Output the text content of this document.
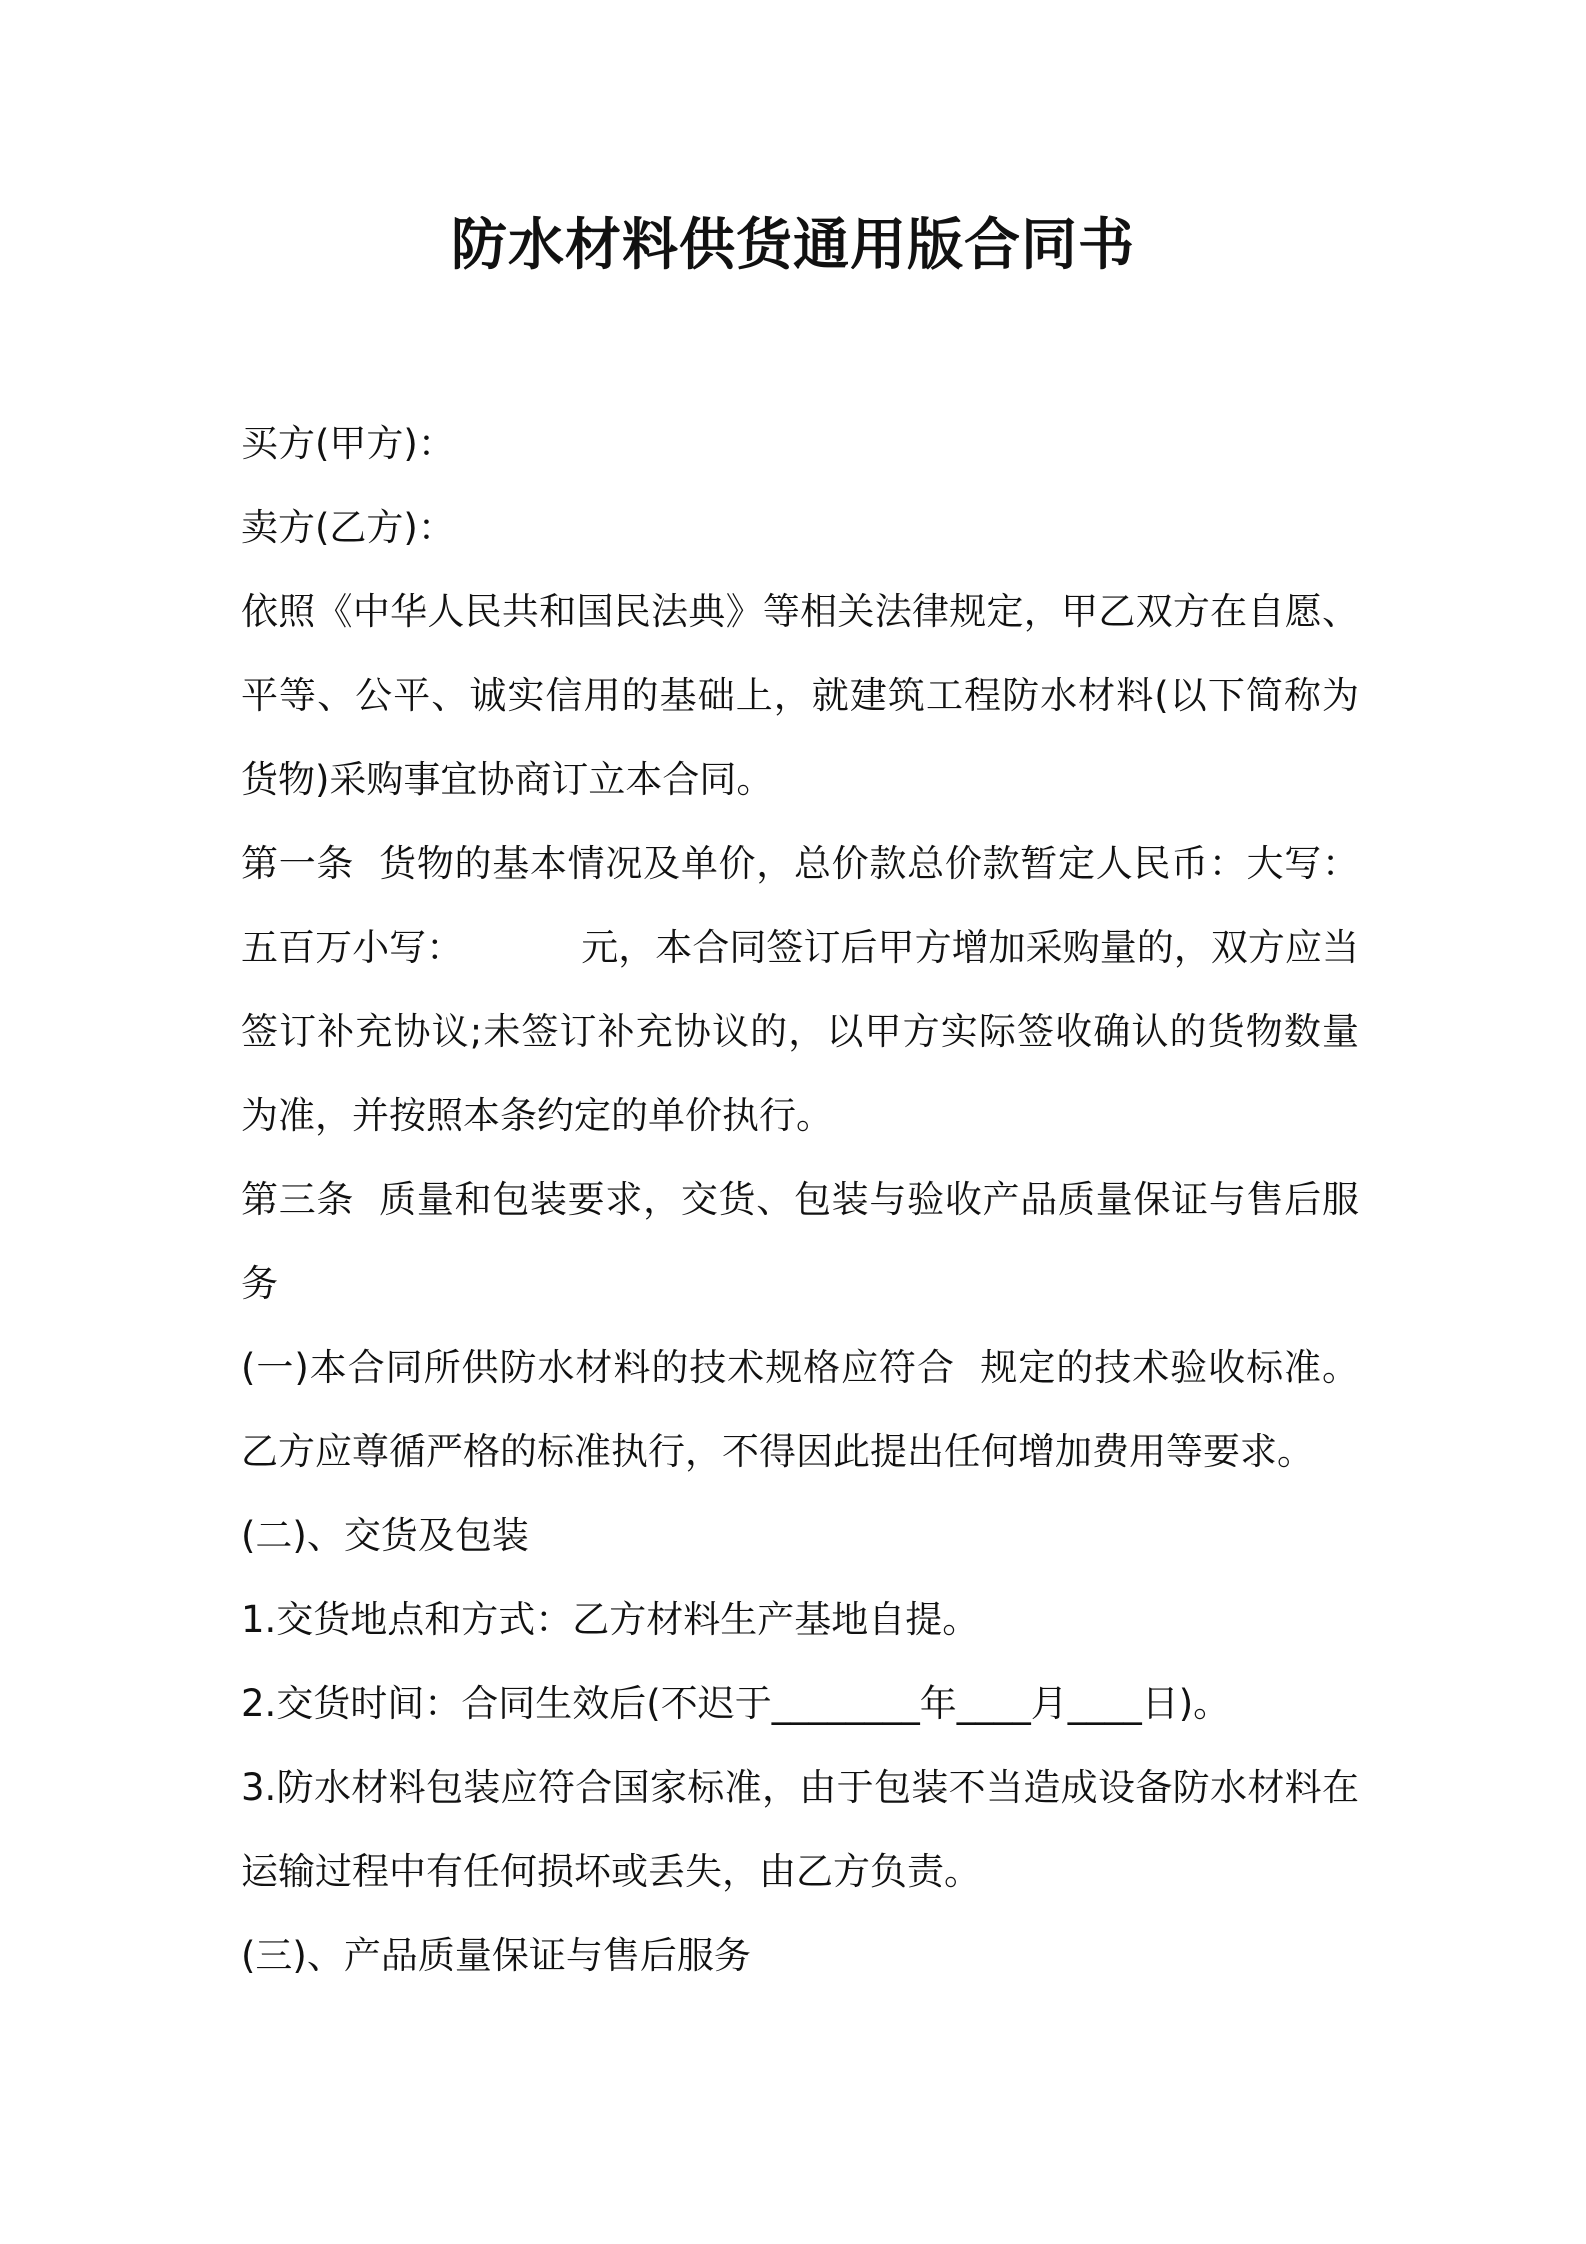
防水材料供货通用版合同书

买方(甲方)：

卖方(乙方)：

依照《中华人民共和国民法典》等相关法律规定，甲乙双方在自愿、平等、公平、诚实信用的基础上，就建筑工程防水材料(以下简称为货物)采购事宜协商订立本合同。

第一条  货物的基本情况及单价，总价款总价款暂定人民币：大写：五百万小写：          元，本合同签订后甲方增加采购量的，双方应当签订补充协议;未签订补充协议的，以甲方实际签收确认的货物数量为准，并按照本条约定的单价执行。

第三条  质量和包装要求，交货、包装与验收产品质量保证与售后服务

(一)本合同所供防水材料的技术规格应符合  规定的技术验收标准。乙方应尊循严格的标准执行，不得因此提出任何增加费用等要求。

(二)、交货及包装

1.交货地点和方式：乙方材料生产基地自提。

2.交货时间：合同生效后(不迟于________年____月____日)。

3.防水材料包装应符合国家标准，由于包装不当造成设备防水材料在运输过程中有任何损坏或丢失，由乙方负责。

(三)、产品质量保证与售后服务
